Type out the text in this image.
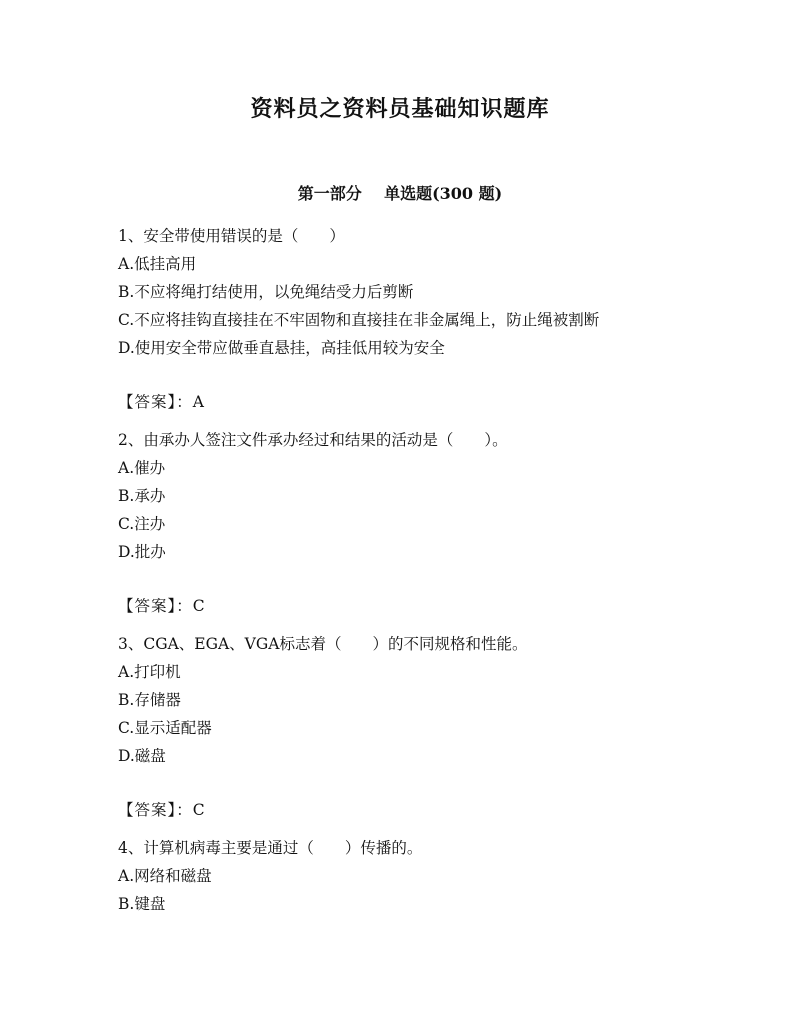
资料员之资料员基础知识题库
第一部分    单选题(300 题)

1、安全带使用错误的是（　　）

A.低挂高用

B.不应将绳打结使用，以免绳结受力后剪断

C.不应将挂钩直接挂在不牢固物和直接挂在非金属绳上，防止绳被割断

D.使用安全带应做垂直悬挂，高挂低用较为安全

【答案】：A

2、由承办人签注文件承办经过和结果的活动是（　　）。

A.催办

B.承办

C.注办

D.批办

【答案】：C

3、CGA、EGA、VGA标志着（　　）的不同规格和性能。

A.打印机

B.存储器

C.显示适配器

D.磁盘

【答案】：C

4、计算机病毒主要是通过（　　）传播的。

A.网络和磁盘

B.键盘
